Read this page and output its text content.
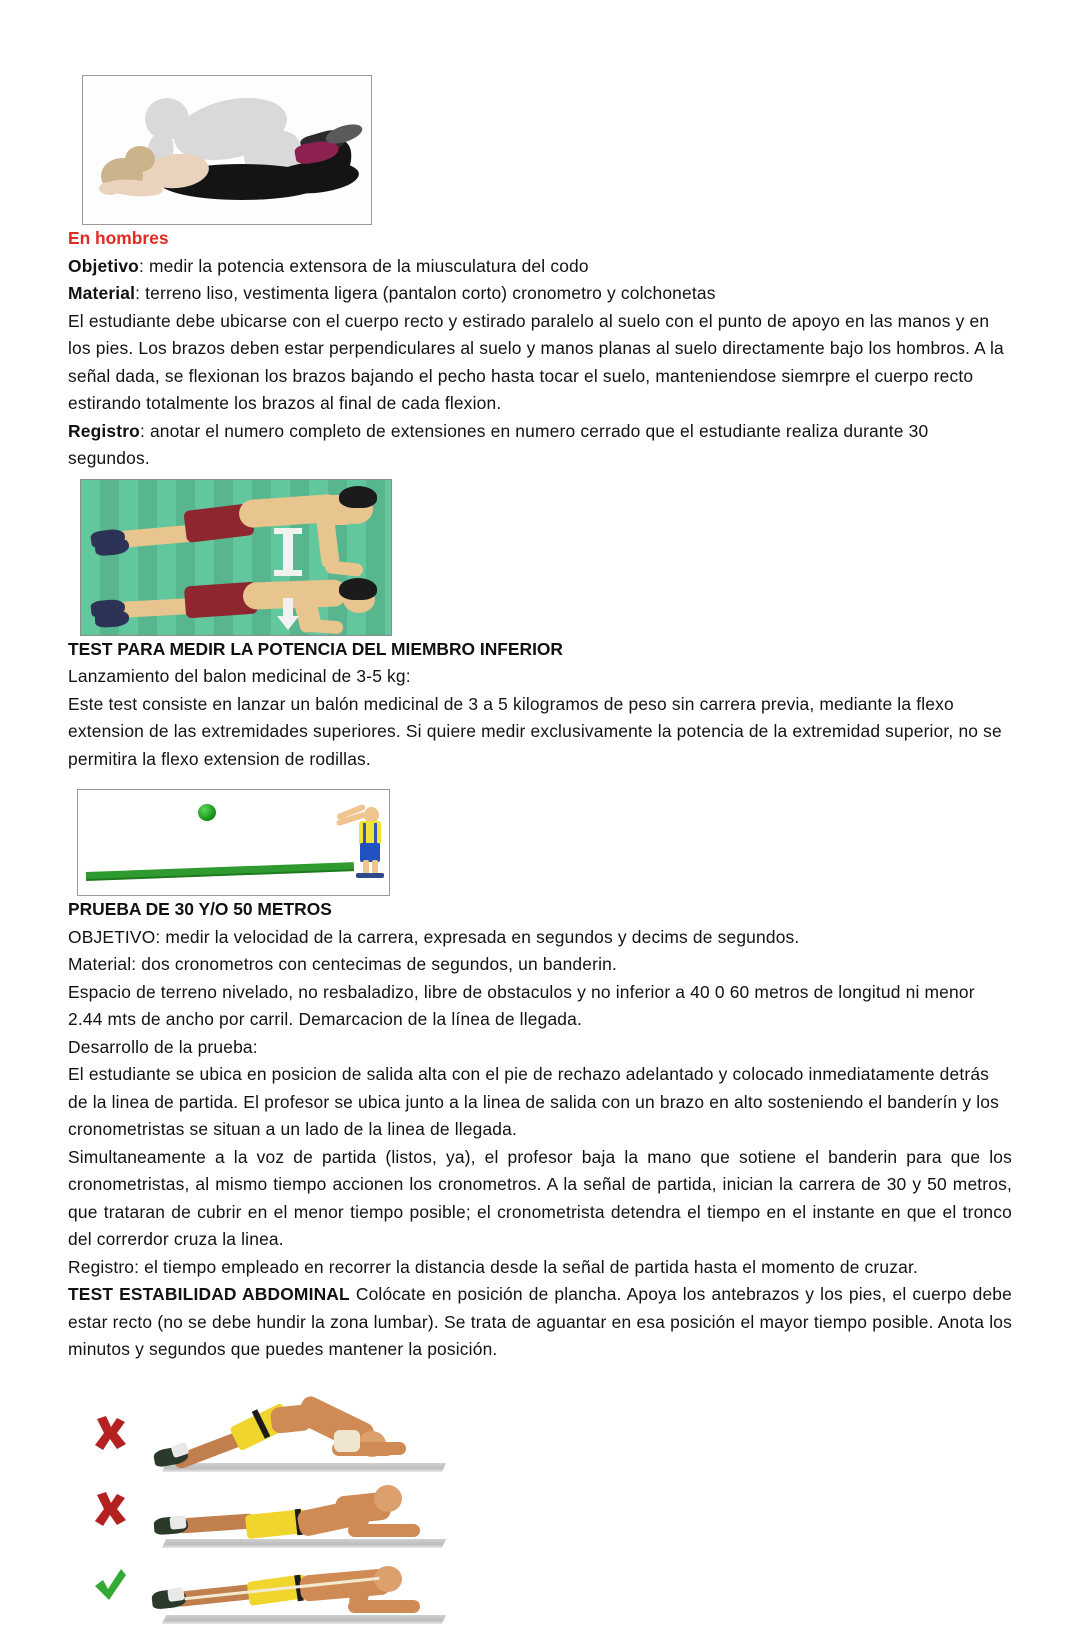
En hombres

Objetivo: medir la potencia extensora de la miusculatura del codo

Material: terreno liso, vestimenta ligera (pantalon corto) cronometro y colchonetas

El estudiante debe ubicarse con el cuerpo recto y estirado paralelo al suelo con el punto de apoyo en las manos y en los pies. Los brazos deben estar perpendiculares al suelo y manos planas al suelo directamente bajo los hombros. A la señal dada, se flexionan los brazos bajando el pecho hasta tocar el suelo, manteniendose siemrpre el cuerpo recto estirando totalmente los brazos al final de cada flexion.

Registro: anotar el numero completo de extensiones en numero cerrado que el estudiante realiza durante 30 segundos.

TEST PARA MEDIR LA POTENCIA DEL MIEMBRO INFERIOR

Lanzamiento del balon medicinal de 3-5 kg:

Este test consiste en lanzar un balón medicinal de 3 a 5 kilogramos de peso sin carrera previa, mediante la flexo extension de las extremidades superiores. Si quiere medir exclusivamente la potencia de la extremidad superior, no se permitira la flexo extension de rodillas.

PRUEBA DE 30 Y/O 50 METROS

OBJETIVO: medir la velocidad de la carrera, expresada en segundos y decims de segundos.

Material: dos cronometros con centecimas de segundos, un banderin.

Espacio de terreno nivelado, no resbaladizo, libre de obstaculos y no inferior a 40 0 60 metros de longitud ni menor 2.44 mts de ancho por carril. Demarcacion de la línea de llegada.

Desarrollo de la prueba:

El estudiante se ubica en posicion de salida alta con el pie de rechazo adelantado y colocado inmediatamente detrás de la linea de partida. El profesor se ubica junto a la linea de salida con un brazo en alto sosteniendo el banderín y los cronometristas se situan a un lado de la linea de llegada.

Simultaneamente a la voz de partida (listos, ya), el profesor baja la mano que sotiene el banderin para que los cronometristas, al mismo tiempo accionen los cronometros. A la señal de partida, inician la carrera de 30 y 50 metros, que trataran de cubrir en el menor tiempo posible; el cronometrista detendra el tiempo en el instante en que el tronco del correrdor cruza la linea.

Registro: el tiempo empleado en recorrer la distancia desde la señal de partida hasta el momento de cruzar.

TEST ESTABILIDAD ABDOMINAL Colócate en posición de plancha. Apoya los antebrazos y los pies, el cuerpo debe estar recto (no se debe hundir la zona lumbar). Se trata de aguantar en esa posición el mayor tiempo posible. Anota los minutos y segundos que puedes mantener la posición.
